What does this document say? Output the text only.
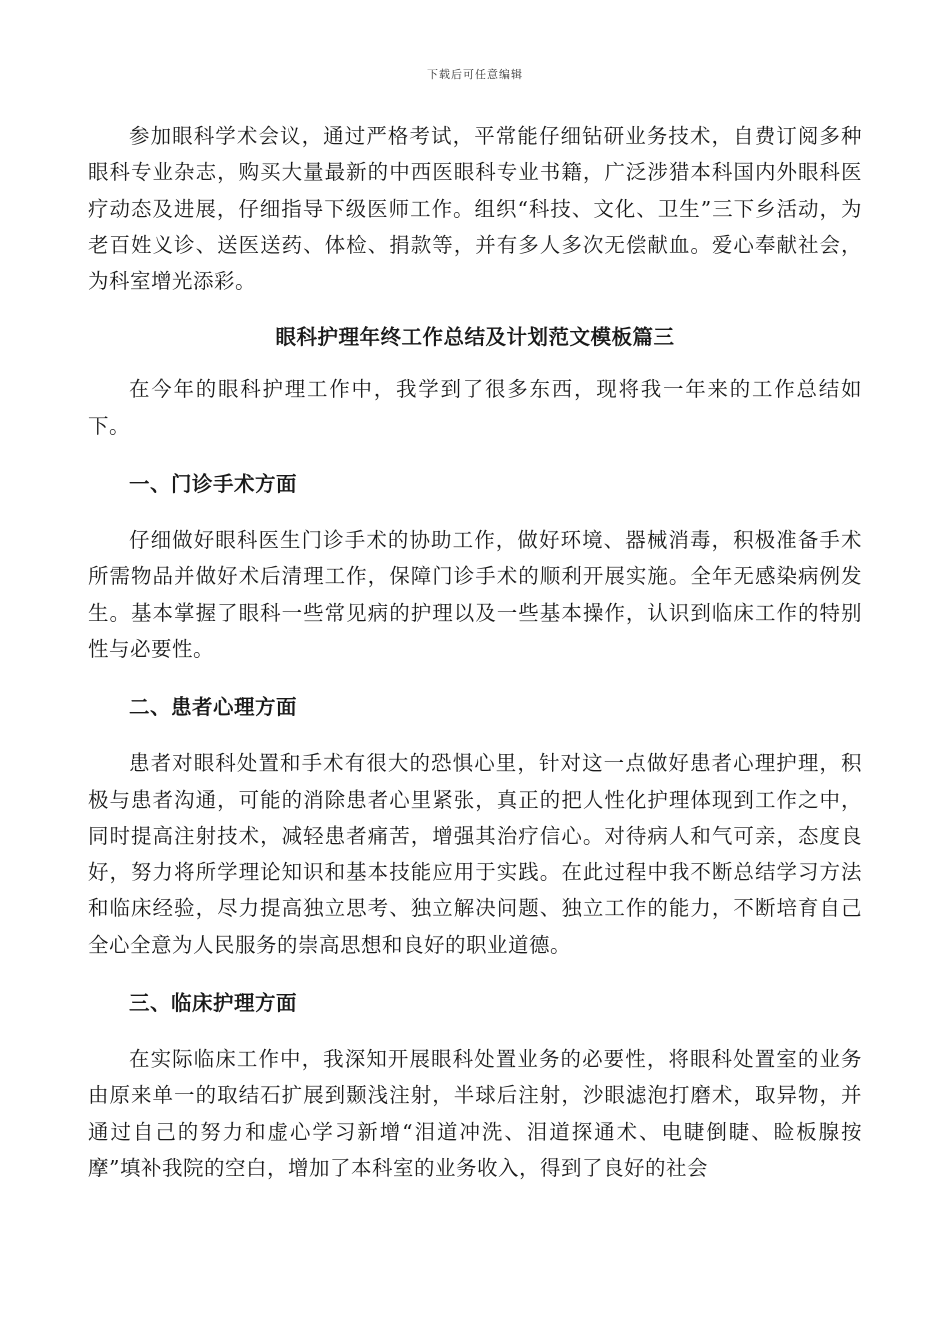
下载后可任意编辑

参加眼科学术会议，通过严格考试，平常能仔细钻研业务技术，自费订阅多种眼科专业杂志，购买大量最新的中西医眼科专业书籍，广泛涉猎本科国内外眼科医疗动态及进展，仔细指导下级医师工作。组织“科技、文化、卫生”三下乡活动，为老百姓义诊、送医送药、体检、捐款等，并有多人多次无偿献血。爱心奉献社会，为科室增光添彩。

眼科护理年终工作总结及计划范文模板篇三

在今年的眼科护理工作中，我学到了很多东西，现将我一年来的工作总结如下。

一、门诊手术方面

仔细做好眼科医生门诊手术的协助工作，做好环境、器械消毒，积极准备手术所需物品并做好术后清理工作，保障门诊手术的顺利开展实施。全年无感染病例发生。基本掌握了眼科一些常见病的护理以及一些基本操作，认识到临床工作的特别性与必要性。

二、患者心理方面

患者对眼科处置和手术有很大的恐惧心里，针对这一点做好患者心理护理，积极与患者沟通，可能的消除患者心里紧张，真正的把人性化护理体现到工作之中，同时提高注射技术，减轻患者痛苦，增强其治疗信心。对待病人和气可亲，态度良好，努力将所学理论知识和基本技能应用于实践。在此过程中我不断总结学习方法和临床经验，尽力提高独立思考、独立解决问题、独立工作的能力，不断培育自己全心全意为人民服务的崇高思想和良好的职业道德。

三、临床护理方面

在实际临床工作中，我深知开展眼科处置业务的必要性，将眼科处置室的业务由原来单一的取结石扩展到颞浅注射，半球后注射，沙眼滤泡打磨术，取异物，并通过自己的努力和虚心学习新增“泪道冲洗、泪道探通术、电睫倒睫、睑板腺按摩”填补我院的空白，增加了本科室的业务收入，得到了良好的社会
